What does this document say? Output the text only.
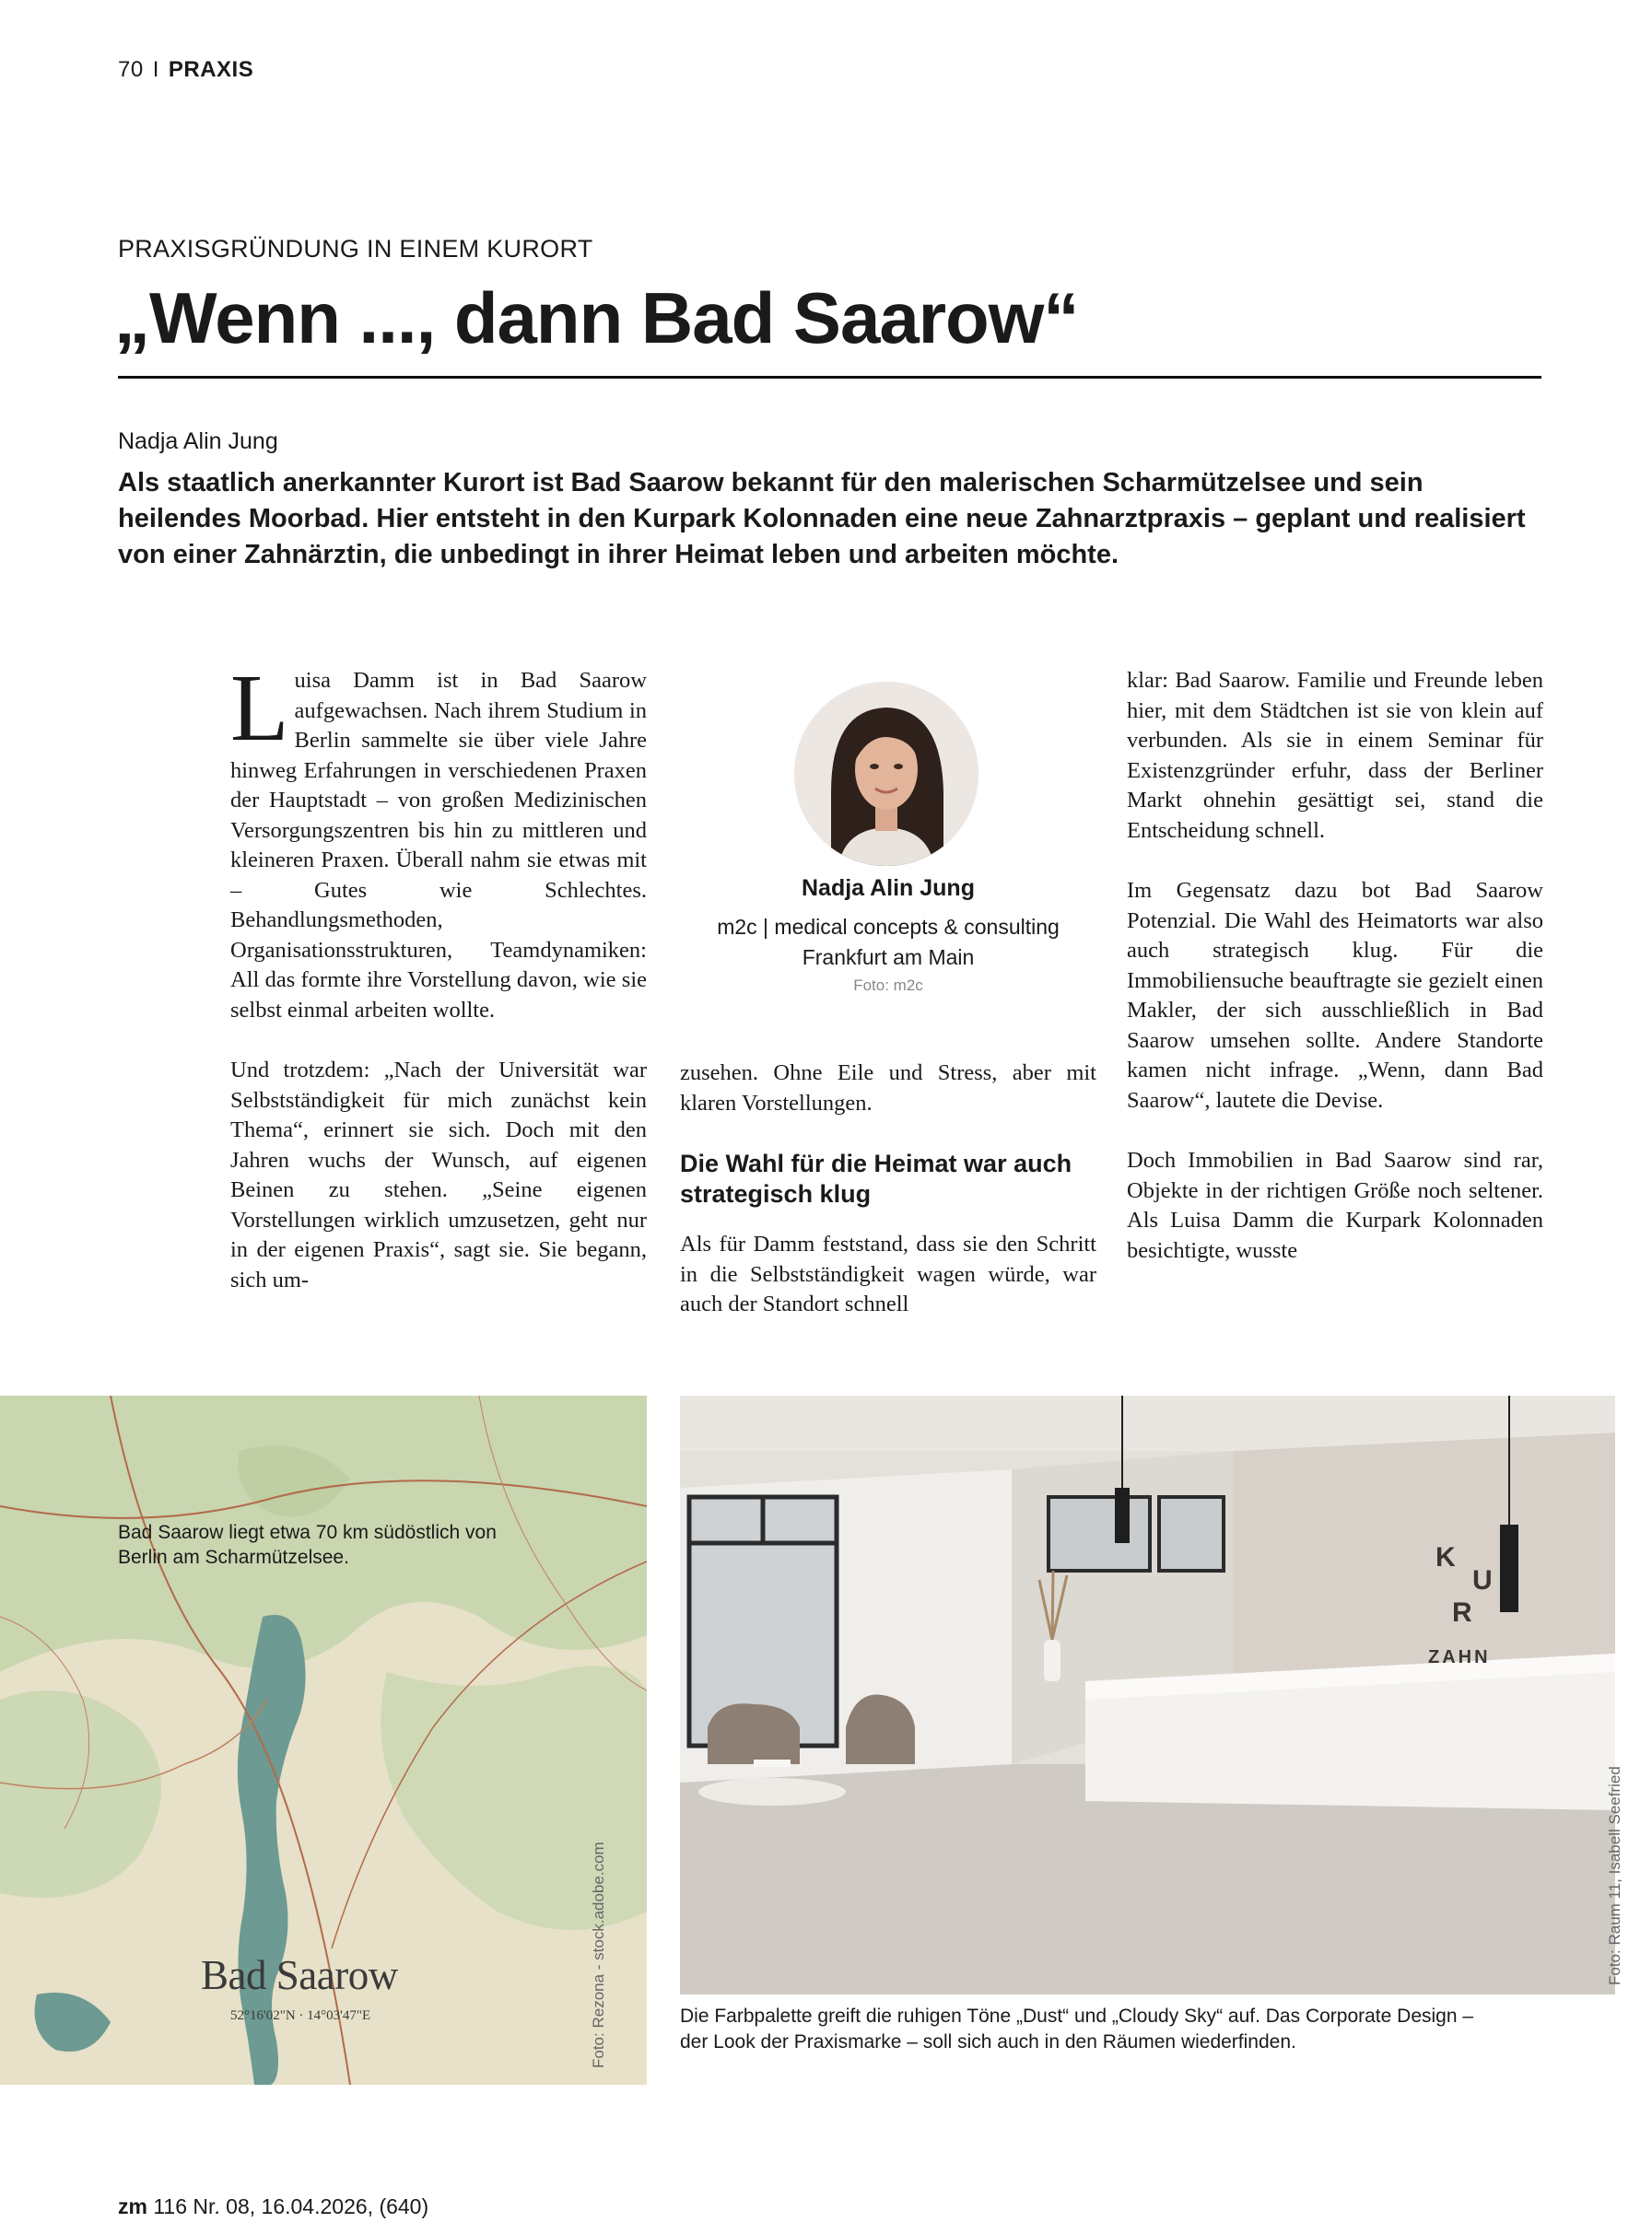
70 I PRAXIS
PRAXISGRÜNDUNG IN EINEM KURORT
„Wenn ..., dann Bad Saarow“
Nadja Alin Jung
Als staatlich anerkannter Kurort ist Bad Saarow bekannt für den malerischen Scharmützelsee und sein heilendes Moorbad. Hier entsteht in den Kurpark Kolonnaden eine neue Zahnarztpraxis – geplant und realisiert von einer Zahnärztin, die unbedingt in ihrer Heimat leben und arbeiten möchte.

Luisa Damm ist in Bad Saarow aufgewachsen. Nach ihrem Studium in Berlin sammelte sie über viele Jahre hinweg Erfahrungen in verschiedenen Praxen der Hauptstadt – von großen Medizinischen Versorgungszentren bis hin zu mittleren und kleineren Praxen. Überall nahm sie etwas mit – Gutes wie Schlechtes. Behandlungsmethoden, Organisationsstrukturen, Teamdynamiken: All das formte ihre Vorstellung davon, wie sie selbst einmal arbeiten wollte.

Und trotzdem: „Nach der Universität war Selbstständigkeit für mich zunächst kein Thema“, erinnert sie sich. Doch mit den Jahren wuchs der Wunsch, auf eigenen Beinen zu stehen. „Seine eigenen Vorstellungen wirklich umzusetzen, geht nur in der eigenen Praxis“, sagt sie. Sie begann, sich um-

Nadja Alin Jung
m2c | medical concepts & consulting
Frankfurt am Main
Foto: m2c

zusehen. Ohne Eile und Stress, aber mit klaren Vorstellungen.

Die Wahl für die Heimat war auch strategisch klug

Als für Damm feststand, dass sie den Schritt in die Selbstständigkeit wagen würde, war auch der Standort schnell

klar: Bad Saarow. Familie und Freunde leben hier, mit dem Städtchen ist sie von klein auf verbunden. Als sie in einem Seminar für Existenzgründer erfuhr, dass der Berliner Markt ohnehin gesättigt sei, stand die Entscheidung schnell.

Im Gegensatz dazu bot Bad Saarow Potenzial. Die Wahl des Heimatorts war also auch strategisch klug. Für die Immobiliensuche beauftragte sie gezielt einen Makler, der sich ausschließlich in Bad Saarow umsehen sollte. Andere Standorte kamen nicht infrage. „Wenn, dann Bad Saarow“, lautete die Devise.

Doch Immobilien in Bad Saarow sind rar, Objekte in der richtigen Größe noch seltener. Als Luisa Damm die Kurpark Kolonnaden besichtigte, wusste

Bad Saarow liegt etwa 70 km südöstlich von Berlin am Scharmützelsee.
Bad Saarow
52°16'02"N · 14°03'47"E	Foto: Rezona - stock.adobe.com
K
U
R
ZAHN
Foto: Raum 11, Isabell Seefried
Die Farbpalette greift die ruhigen Töne „Dust“ und „Cloudy Sky“ auf. Das Corporate Design – der Look der Praxismarke – soll sich auch in den Räumen wiederfinden.
zm 116 Nr. 08, 16.04.2026, (640)
